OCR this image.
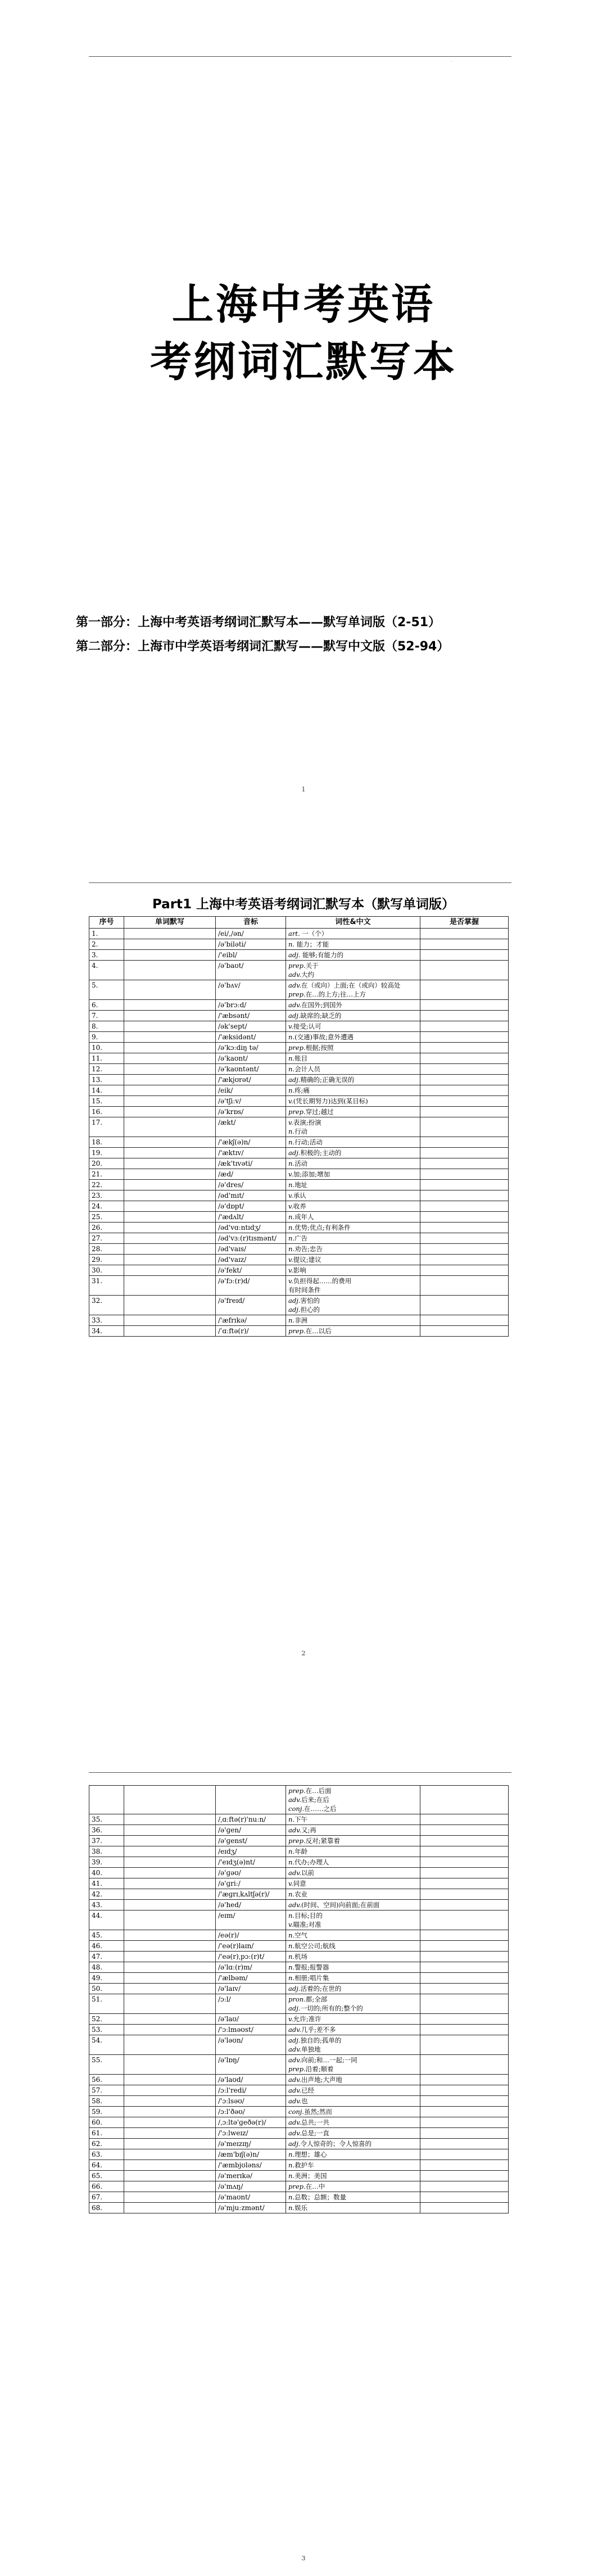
·
上海中考英语
考纲词汇默写本
第一部分：上海中考英语考纲词汇默写本——默写单词版（2-51）
第二部分：上海市中学英语考纲词汇默写——默写中文版（52-94）
1
Part1 上海中考英语考纲词汇默写本（默写单词版）
序号	单词默写	音标	词性&中文	是否掌握
1.		/ei/,/ən/	art. 一（个）	

2.		/ə'biləti/	n. 能力；才能	

3.		/'eibl/	adj. 能够;有能力的	

4.		/ə'baʊt/	prep.关于
adv.大约	

5.		/ə'bʌv/	adv.在（或向）上面;在（或向）较高处
prep.在…的上方;往…上方	

6.		/ə'brɔːd/	adv.在国外;到国外	

7.		/'æbsənt/	adj.缺席的;缺乏的	

8.		/ək'sept/	v.接受;认可	

9.		/'æksidənt/	n.(交通)事故;意外遭遇	

10.		/ə'kɔːdiŋ tə/	prep.根据;按照	

11.		/ə'kaʊnt/	n.账目	

12.		/ə'kaʊntənt/	n.会计人员	

13.		/'ækjʊrət/	adj.精确的;正确无误的	

14.		/eik/	n.疼;痛	

15.		/ə'tʃiːv/	v.(凭长期努力)达到(某目标)	

16.		/ə'krɒs/	prep.穿过;越过	

17.		/ækt/	v.表演;扮演
n.行动	

18.		/'ækʃ(ə)n/	n.行动;活动	

19.		/'æktɪv/	adj.积极的;主动的	

20.		/æk'tɪvəti/	n.活动	

21.		/æd/	v.加;添加;增加	

22.		/ə'dres/	n.地址	

23.		/əd'mɪt/	v.承认	

24.		/ə'dɒpt/	v.收养	

25.		/'ædʌlt/	n.成年人	

26.		/əd'vɑːntɪdʒ/	n.优势;优点;有利条件	

27.		/əd'vɜː(r)tɪsmənt/	n.广告	

28.		/əd'vaɪs/	n.劝告;忠告	

29.		/əd'vaɪz/	v.提议;建议	

30.		/ə'fekt/	v.影响	

31.		/ə'fɔː(r)d/	v.负担得起……的费用
有时间条件	

32.		/ə'freɪd/	adj.害怕的
adj.担心的	

33.		/'æfrɪkə/	n.非洲	

34.		/ˈɑːftə(r)/	prep.在…以后	

2

			prep.在…后面
adv.后来;在后
conj.在……之后	

35.		/ˌɑːftə(r)'nuːn/	n.下午	

36.		/ə'ɡen/	adv.又;再	

37.		/ə'ɡenst/	prep.反对;紧靠着	

38.		/eɪdʒ/	n.年龄	

39.		/'eɪdʒ(ə)nt/	n.代办;办理人	

40.		/ə'ɡəʊ/	adv.以前	

41.		/ə'ɡriː/	v.同意	

42.		/'æɡrɪˌkʌltʃə(r)/	n.农业	

43.		/ə'hed/	adv.(时间、空间)向前面;在前面	

44.		/eɪm/	n.目标;目的
v.瞄准;对准	

45.		/eə(r)/	n.空气	

46.		/'eə(r)laɪn/	n.航空公司;航线	

47.		/'eə(r)ˌpɔː(r)t/	n.机场	

48.		/ə'lɑː(r)m/	n.警报;报警器	

49.		/'ælbəm/	n.相册;唱片集	

50.		/ə'laɪv/	adj.活着的;在世的	

51.		/ɔːl/	pron.都;全部
adj.一切的;所有的;整个的	

52.		/ə'laʊ/	v.允许;准许	

53.		/'ɔːlməʊst/	adv.几乎;差不多	

54.		/ə'ləʊn/	adj.独自的;孤单的
adv.单独地	

55.		/ə'lɒŋ/	adv.向前;和…一起;一同
prep.沿着;顺着	

56.		/ə'laʊd/	adv.出声地;大声地	

57.		/ɔːl'redi/	adv.已经	

58.		/'ɔːlsəʊ/	adv.也	

59.		/ɔːl'ðəʊ/	conj.虽然;然而	

60.		/ˌɔːltə'ɡeðə(r)/	adv.总共;一共	

61.		/'ɔːlweɪz/	adv.总是;一直	

62.		/ə'meɪzɪŋ/	adj.令人惊奇的；令人惊喜的	

63.		/æm'bɪʃ(ə)n/	n.理想；雄心	

64.		/'æmbjʊləns/	n.救护车	

65.		/ə'merɪkə/	n.美洲；美国	

66.		/ə'mʌŋ/	prep.在…中	

67.		/ə'maʊnt/	n.总数；总额；数量	

68.		/ə'mjuːzmənt/	n.娱乐	

3
